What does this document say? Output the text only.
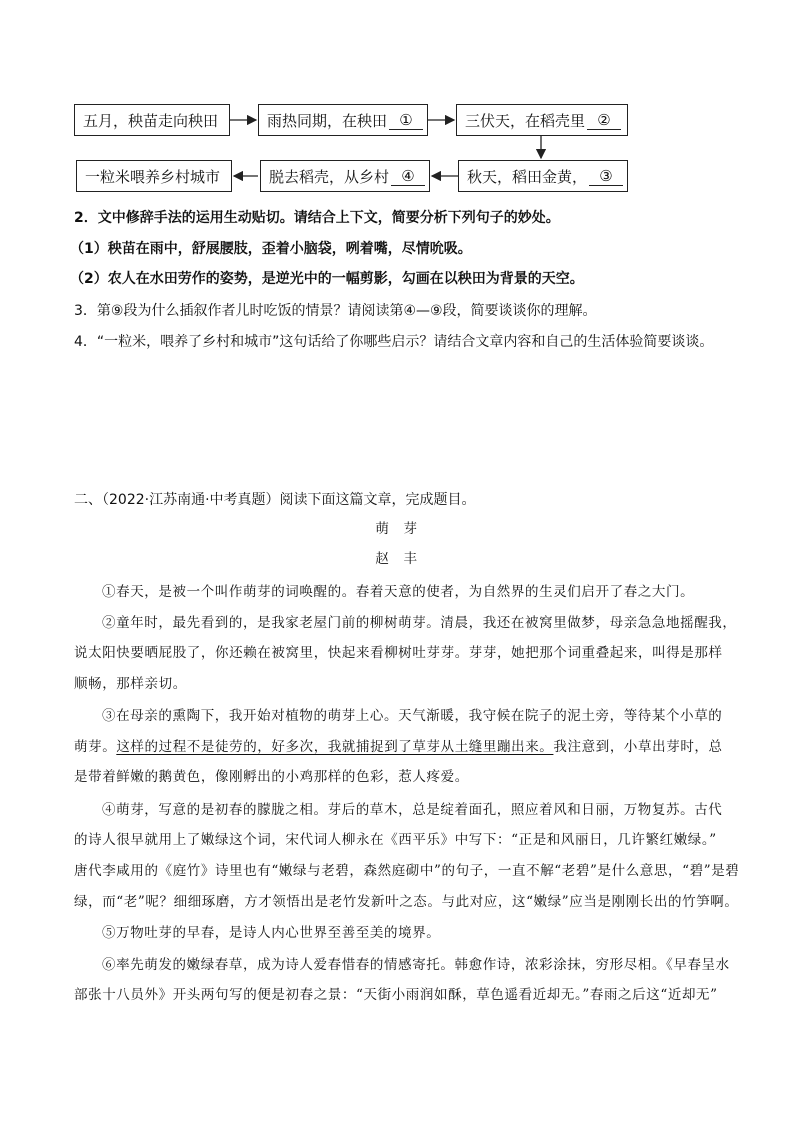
五月，秧苗走向秧田	雨热同期，在秧田 ①	三伏天，在稻壳里 ②
一粒米喂养乡村城市	脱去稻壳，从乡村 ④	秋天，稻田金黄， ③
2．文中修辞手法的运用生动贴切。请结合上下文，简要分析下列句子的妙处。
（1）秧苗在雨中，舒展腰肢，歪着小脑袋，咧着嘴，尽情吮吸。
（2）农人在水田劳作的姿势，是逆光中的一幅剪影，勾画在以秧田为背景的天空。
3．第⑨段为什么插叙作者儿时吃饭的情景？请阅读第④—⑨段，简要谈谈你的理解。
4．“一粒米，喂养了乡村和城市”这句话给了你哪些启示？请结合文章内容和自己的生活体验简要谈谈。
二、（2022·江苏南通·中考真题）阅读下面这篇文章，完成题目。
萌　芽
赵　丰
①春天，是被一个叫作萌芽的词唤醒的。春着天意的使者，为自然界的生灵们启开了春之大门。
②童年时，最先看到的，是我家老屋门前的柳树萌芽。清晨，我还在被窝里做梦，母亲急急地摇醒我，
说太阳快要晒屁股了，你还赖在被窝里，快起来看柳树吐芽芽。芽芽，她把那个词重叠起来，叫得是那样
顺畅，那样亲切。
③在母亲的熏陶下，我开始对植物的萌芽上心。天气渐暖，我守候在院子的泥土旁，等待某个小草的
萌芽。这样的过程不是徒劳的，好多次，我就捕捉到了草芽从土缝里蹦出来。我注意到，小草出芽时，总
是带着鲜嫩的鹅黄色，像刚孵出的小鸡那样的色彩，惹人疼爱。
④萌芽，写意的是初春的朦胧之相。芽后的草木，总是绽着面孔，照应着风和日丽，万物复苏。古代
的诗人很早就用上了嫩绿这个词，宋代词人柳永在《西平乐》中写下：“正是和风丽日，几许繁红嫩绿。”
唐代李咸用的《庭竹》诗里也有“嫩绿与老碧，森然庭砌中”的句子，一直不解“老碧”是什么意思，“碧”是碧
绿，而“老”呢？细细琢磨，方才领悟出是老竹发新叶之态。与此对应，这“嫩绿”应当是刚刚长出的竹笋啊。
⑤万物吐芽的早春，是诗人内心世界至善至美的境界。
⑥率先萌发的嫩绿春草，成为诗人爱春惜春的情感寄托。韩愈作诗，浓彩涂抹，穷形尽相。《早春呈水
部张十八员外》开头两句写的便是初春之景：“天街小雨润如酥，草色遥看近却无。”春雨之后这“近却无”
